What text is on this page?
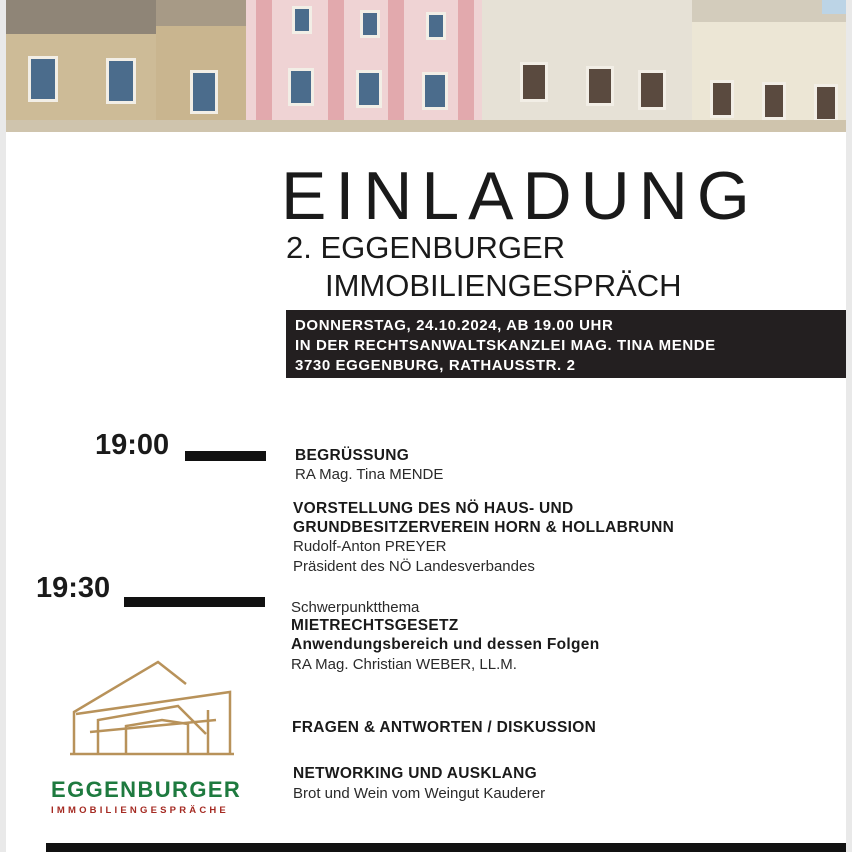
EINLADUNG
2. EGGENBURGER
IMMOBILIENGESPRÄCH
DONNERSTAG, 24.10.2024, AB 19.00 UHR
IN DER RECHTSANWALTSKANZLEI MAG. TINA MENDE
3730 EGGENBURG, RATHAUSSTR. 2
19:00
19:30
BEGRÜSSUNG
RA Mag. Tina MENDE
VORSTELLUNG DES NÖ HAUS- UND
GRUNDBESITZERVEREIN HORN & HOLLABRUNN
Rudolf-Anton PREYER
Präsident des NÖ Landesverbandes
Schwerpunktthema
MIETRECHTSGESETZ
Anwendungsbereich und dessen Folgen
RA Mag. Christian WEBER, LL.M.
FRAGEN & ANTWORTEN / DISKUSSION
NETWORKING UND AUSKLANG
Brot und Wein vom Weingut Kauderer
EGGENBURGER
IMMOBILIENGESPRÄCHE
